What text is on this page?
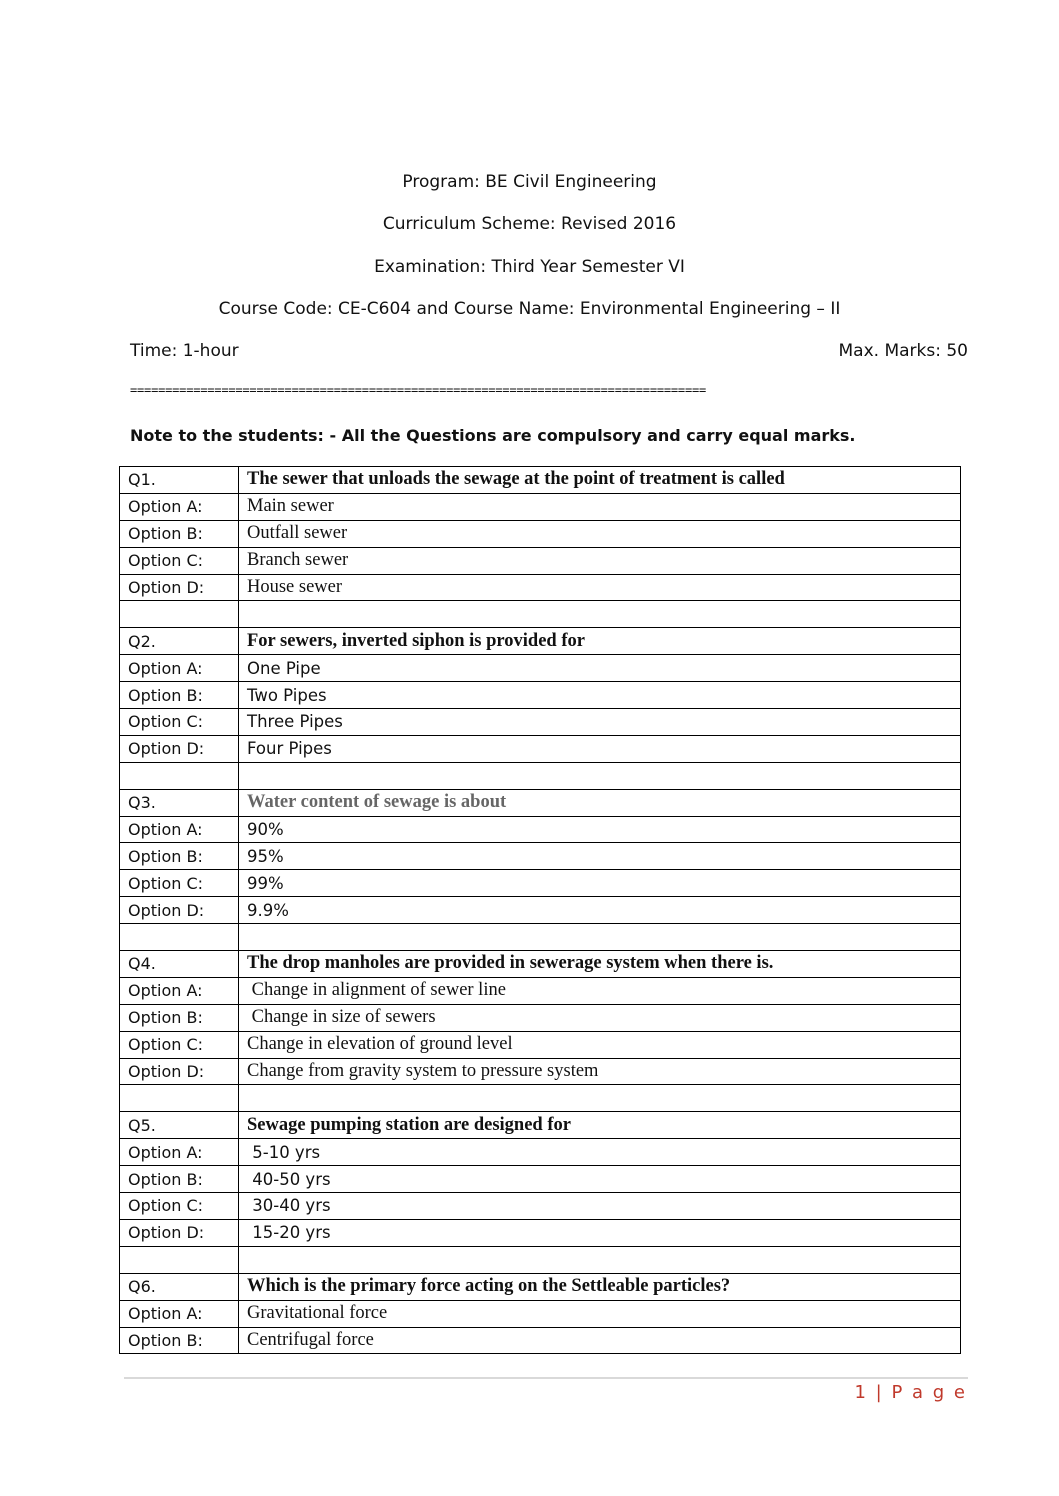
Program: BE Civil Engineering
Curriculum Scheme: Revised 2016
Examination: Third Year Semester VI
Course Code: CE-C604 and Course Name: Environmental Engineering – II
Time: 1-hour	Max. Marks: 50
==================================================================================
Note to the students: - All the Questions are compulsory and carry equal marks.
Q1.	The sewer that unloads the sewage at the point of treatment is called
Option A:	Main sewer
Option B:	Outfall sewer
Option C:	Branch sewer
Option D:	House sewer

Q2.	For sewers, inverted siphon is provided for
Option A:	One Pipe
Option B:	Two Pipes
Option C:	Three Pipes
Option D:	Four Pipes

Q3.	Water content of sewage is about
Option A:	90%
Option B:	95%
Option C:	99%
Option D:	9.9%

Q4.	The drop manholes are provided in sewerage system when there is.
Option A:	Change in alignment of sewer line
Option B:	Change in size of sewers
Option C:	Change in elevation of ground level
Option D:	Change from gravity system to pressure system

Q5.	Sewage pumping station are designed for
Option A:	5-10 yrs
Option B:	40-50 yrs
Option C:	30-40 yrs
Option D:	15-20 yrs

Q6.	Which is the primary force acting on the Settleable particles?
Option A:	Gravitational force
Option B:	Centrifugal force
1 | P a g e
